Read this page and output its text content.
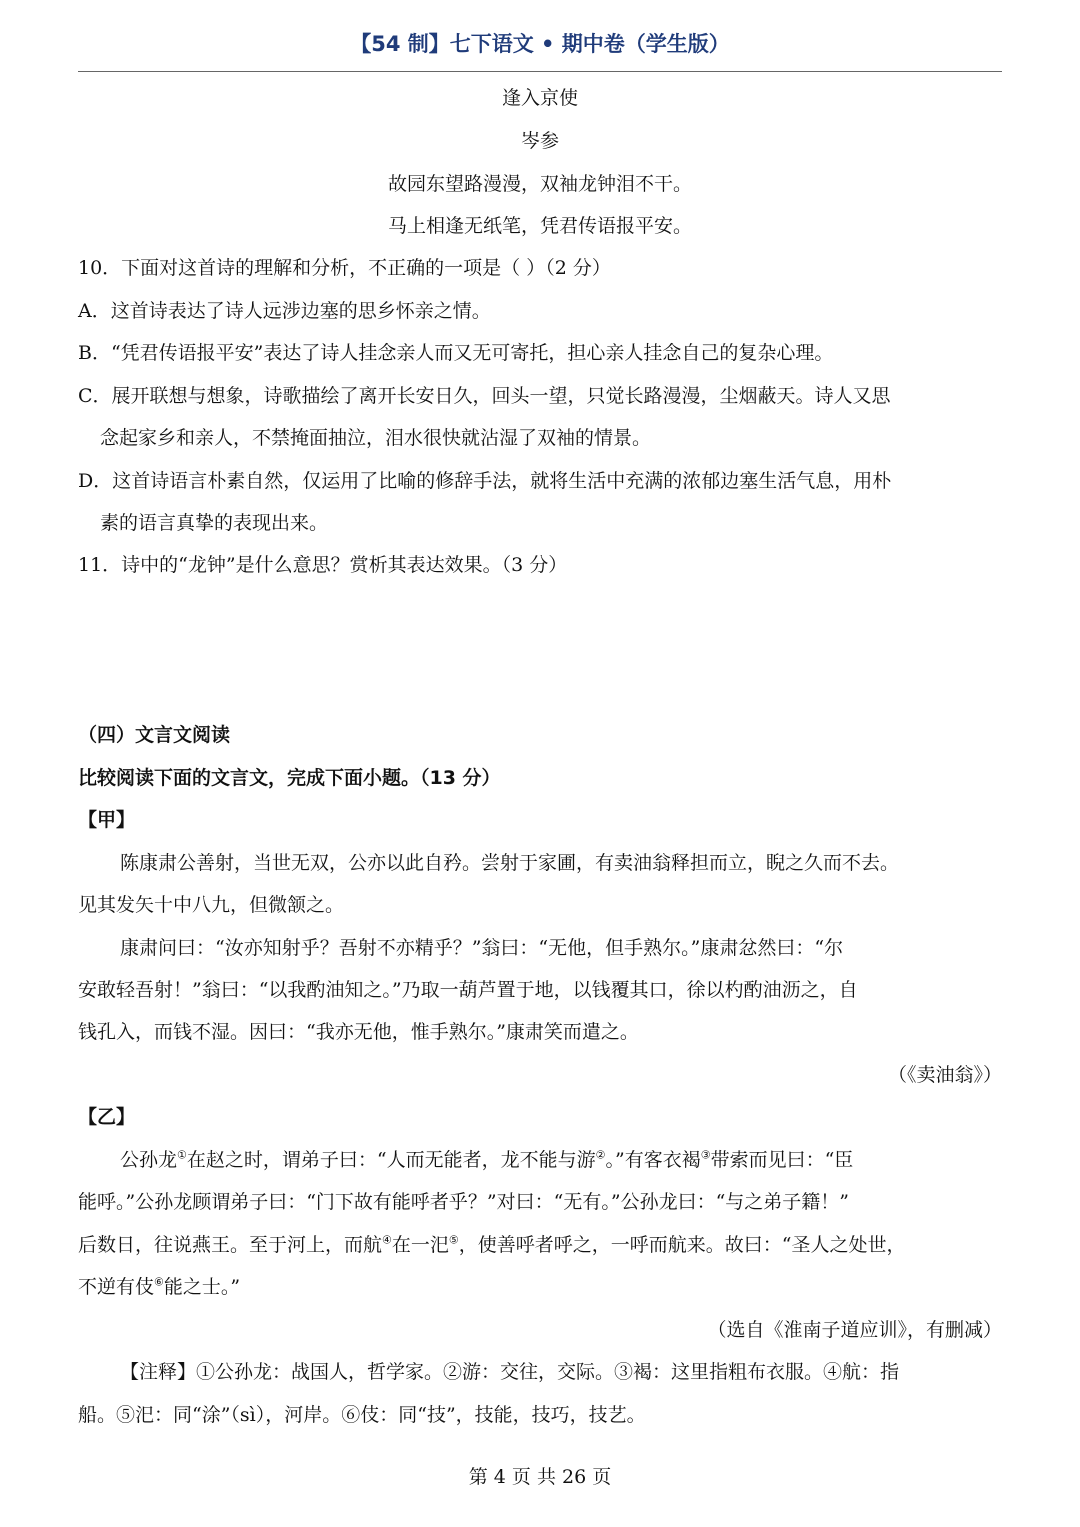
【54 制】七下语文 • 期中卷（学生版）
逢入京使
岑参
故园东望路漫漫，双袖龙钟泪不干。
马上相逢无纸笔，凭君传语报平安。
10．下面对这首诗的理解和分析，不正确的一项是（ ）（2 分）
A．这首诗表达了诗人远涉边塞的思乡怀亲之情。
B．“凭君传语报平安”表达了诗人挂念亲人而又无可寄托，担心亲人挂念自己的复杂心理。
C．展开联想与想象，诗歌描绘了离开长安日久，回头一望，只觉长路漫漫，尘烟蔽天。诗人又思
念起家乡和亲人，不禁掩面抽泣，泪水很快就沾湿了双袖的情景。
D．这首诗语言朴素自然，仅运用了比喻的修辞手法，就将生活中充满的浓郁边塞生活气息，用朴
素的语言真挚的表现出来。
11．诗中的“龙钟”是什么意思？赏析其表达效果。（3 分）
（四）文言文阅读
比较阅读下面的文言文，完成下面小题。（13 分）
【甲】
陈康肃公善射，当世无双，公亦以此自矜。尝射于家圃，有卖油翁释担而立，睨之久而不去。
见其发矢十中八九，但微颔之。
康肃问曰：“汝亦知射乎？吾射不亦精乎？”翁曰：“无他，但手熟尔。”康肃忿然曰：“尔
安敢轻吾射！”翁曰：“以我酌油知之。”乃取一葫芦置于地，以钱覆其口，徐以杓酌油沥之，自
钱孔入，而钱不湿。因曰：“我亦无他，惟手熟尔。”康肃笑而遣之。
（《卖油翁》）
【乙】
公孙龙①在赵之时，谓弟子曰：“人而无能者，龙不能与游②。”有客衣褐③带索而见曰：“臣
能呼。”公孙龙顾谓弟子曰：“门下故有能呼者乎？”对曰：“无有。”公孙龙曰：“与之弟子籍！”
后数日，往说燕王。至于河上，而航④在一汜⑤，使善呼者呼之，一呼而航来。故曰：“圣人之处世，
不逆有伎⑥能之士。”
（选自《淮南子道应训》，有删减）
【注释】①公孙龙：战国人，哲学家。②游：交往，交际。③褐：这里指粗布衣服。④航：指
船。⑤汜：同“涂”（sì），河岸。⑥伎：同“技”，技能，技巧，技艺。
第 4 页 共 26 页
